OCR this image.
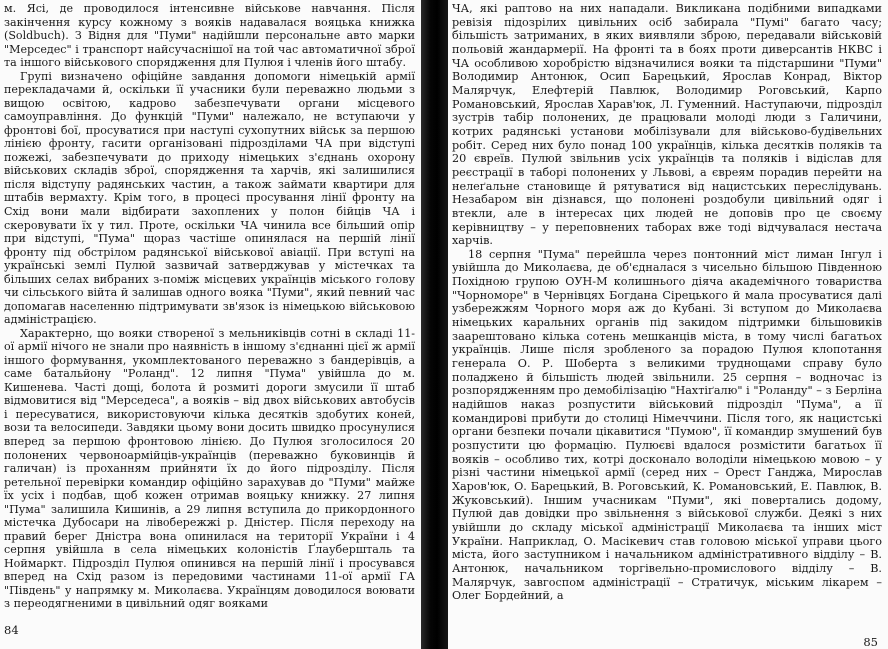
м. Ясі, де проводилося інтенсивне військове навчання. Після закінчення курсу кожному з вояків надавалася вояцька книжка (Soldbuch). З Відня для "Пуми" надійшли персональне авто марки "Мерседес" і транспорт найсучаснішої на той час автоматичної зброї та іншого військового спорядження для Пулюя і членів його штабу.

Групі визначено офіційне завдання допомоги німецькій армії перекладачами й, оскільки її учасники були переважно людьми з вищою освітою, кадрово забезпечувати органи місцевого самоуправління. До функцій "Пуми" належало, не вступаючи у фронтові бої, просуватися при наступі сухопутних військ за першою лінією фронту, гасити організовані підрозділами ЧА при відступі пожежі, забезпечувати до приходу німецьких з'єднань охорону військових складів зброї, спорядження та харчів, які залишилися після відступу радянських частин, а також займати квартири для штабів вермахту. Крім того, в процесі просування лінії фронту на Схід вони мали відбирати захоплених у полон бійців ЧА і скеровувати їх у тил. Проте, оскільки ЧА чинила все більший опір при відступі, "Пума" щораз частіше опинялася на першій лінії фронту під обстрілом радянської військової авіації. При вступі на українські землі Пулюй зазвичай затверджував у містечках та більших селах вибраних з-поміж місцевих українців міського голову чи сільського війта й залишав одного вояка "Пуми", який певний час допомагав населенню підтримувати зв'язок із німецькою військовою адміністрацією.

Характерно, що вояки створеної з мельниківців сотні в складі 11-ої армії нічого не знали про наявність в іншому з'єднанні цієї ж армії іншого формування, укомплектованого переважно з бандерівців, а саме батальйону "Роланд". 12 липня "Пума" увійшла до м. Кишенева. Часті дощі, болота й розмиті дороги змусили її штаб відмовитися від "Мерседеса", а вояків – від двох військових автобусів і пересуватися, використовуючи кілька десятків здобутих коней, вози та велосипеди. Завдяки цьому вони досить швидко просунулися вперед за першою фронтовою лінією. До Пулюя зголосилося 20 полонених червоноармійців-українців (переважно буковинців й галичан) із проханням прийняти їх до його підрозділу. Після ретельної перевірки командир офіційно зарахував до "Пуми" майже їх усіх і подбав, щоб кожен отримав вояцьку книжку. 27 липня "Пума" залишила Кишинів, а 29 липня вступила до прикордонного містечка Дубосари на лівобережжі р. Дністер. Після переходу на правий берег Дністра вона опинилася на території України і 4 серпня увійшла в села німецьких колоністів Ґлаубершталь та Ноймаркт. Підрозділ Пулюя опинився на першій лінії і просувався вперед на Схід разом із передовими частинами 11-ої армії ГА "Південь" у напрямку м. Миколаєва. Українцям доводилося воювати з переодягненими в цивільний одяг вояками

84

ЧА, які раптово на них нападали. Викликана подібними випадками ревізія підозрілих цивільних осіб забирала "Пумі" багато часу; більшість затриманих, в яких виявляли зброю, передавали військовій польовій жандармерії. На фронті та в боях проти диверсантів НКВС і ЧА особливою хоробрістю відзначилися вояки та підстаршини "Пуми" Володимир Антонюк, Осип Барецький, Ярослав Конрад, Віктор Малярчук, Елефтерій Павлюк, Володимир Роговський, Карпо Романовський, Ярослав Харав'юк, Л. Гуменний. Наступаючи, підрозділ зустрів табір полонених, де працювали молоді люди з Галичини, котрих радянські установи мобілізували для військово-будівельних робіт. Серед них було понад 100 українців, кілька десятків поляків та 20 євреїв. Пулюй звільнив усіх українців та поляків і відіслав для реєстрації в таборі полонених у Львові, а євреям порадив перейти на нелеґальне становище й рятуватися від нацистських переслідувань. Незабаром він дізнався, що полонені роздобули цивільний одяг і втекли, але в інтересах цих людей не доповів про це своєму керівництву – у переповнених таборах вже тоді відчувалася нестача харчів.

18 серпня "Пума" перейшла через понтонний міст лиман Інгул і увійшла до Миколаєва, де об'єдналася з чисельно більшою Південною Похідною групою ОУН-М колишнього діяча академічного товариства "Чорноморе" в Чернівцях Богдана Сірецького й мала просуватися далі узбережжям Чорного моря аж до Кубані. Зі вступом до Миколаєва німецьких каральних органів під закидом підтримки більшовиків заарештовано кілька сотень мешканців міста, в тому числі багатьох українців. Лише після зробленого за порадою Пулюя клопотання генерала О. Р. Шоберта з великими труднощами справу було поладжено й більшість людей звільнили. 25 серпня – водночас із розпорядженням про демобілізацію "Нахтіґалю" і "Роланду" – з Берліна надійшов наказ розпустити військовий підрозділ "Пума", а її командирові прибути до столиці Німеччини. Після того, як нацистські органи безпеки почали цікавитися "Пумою", її командир змушений був розпустити цю формацію. Пулюєві вдалося розмістити багатьох її вояків – особливо тих, котрі досконало володіли німецькою мовою – у різні частини німецької армії (серед них – Орест Ганджа, Мирослав Харов'юк, О. Барецький, В. Роговський, К. Романовський, Е. Павлюк, В. Жуковський). Іншим учасникам "Пуми", які повертались додому, Пулюй дав довідки про звільнення з військової служби. Деякі з них увійшли до складу міської адміністрації Миколаєва та інших міст України. Наприклад, О. Масікевич став головою міської управи цього міста, його заступником і начальником адміністративного відділу – В. Антонюк, начальником торгівельно-промислового відділу – В. Малярчук, завгоспом адміністрації – Стратичук, міським лікарем – Олег Бордейний, а

85
